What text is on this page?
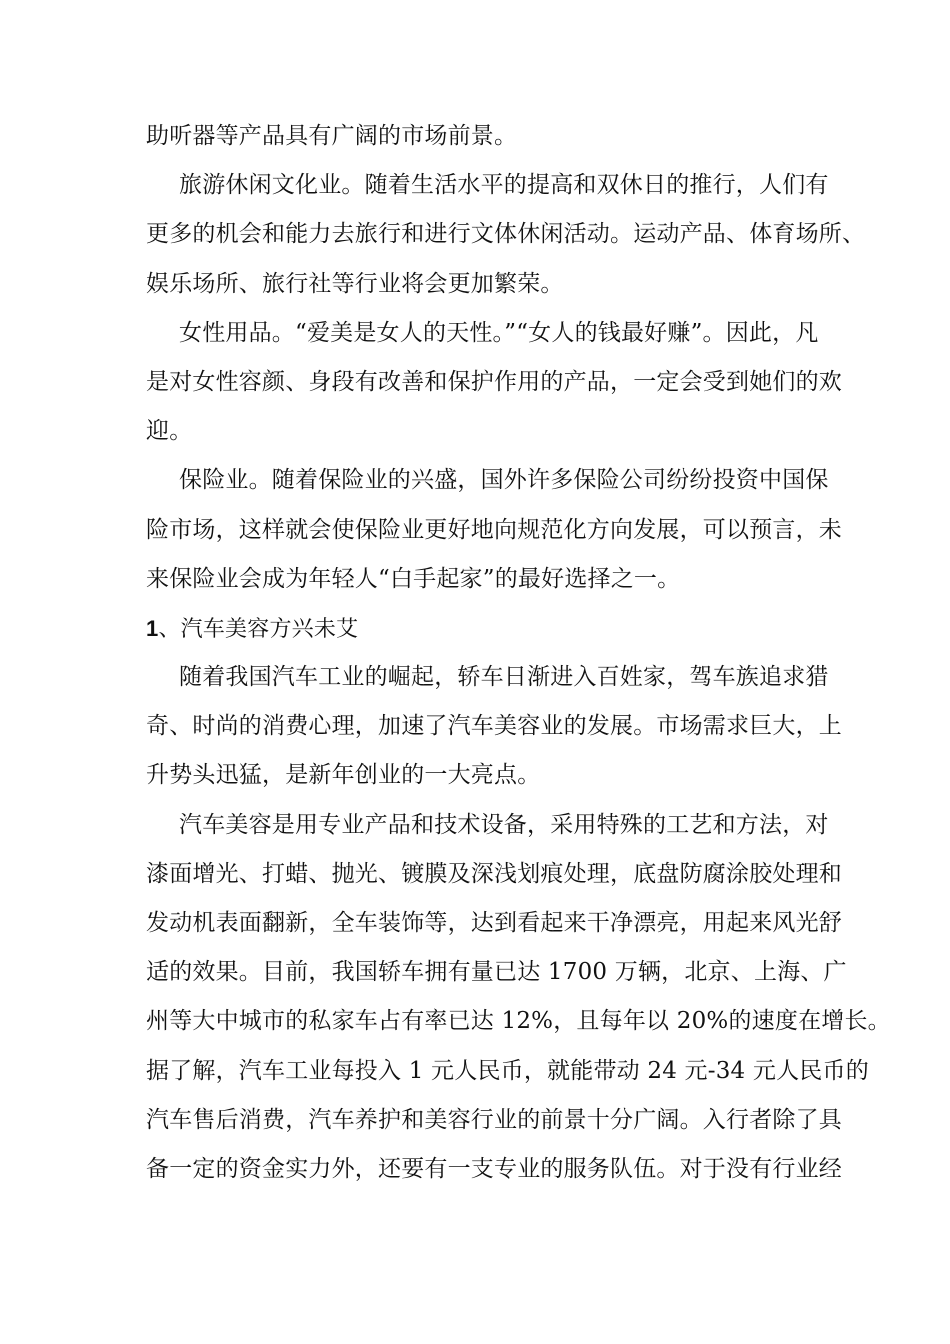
助听器等产品具有广阔的市场前景。
旅游休闲文化业。随着生活水平的提高和双休日的推行，人们有
更多的机会和能力去旅行和进行文体休闲活动。运动产品、体育场所、
娱乐场所、旅行社等行业将会更加繁荣。
女性用品。“爱美是女人的天性。”“女人的钱最好赚”。因此，凡
是对女性容颜、身段有改善和保护作用的产品，一定会受到她们的欢
迎。
保险业。随着保险业的兴盛，国外许多保险公司纷纷投资中国保
险市场，这样就会使保险业更好地向规范化方向发展，可以预言，未
来保险业会成为年轻人“白手起家”的最好选择之一。
1、汽车美容方兴未艾
随着我国汽车工业的崛起，轿车日渐进入百姓家，驾车族追求猎
奇、时尚的消费心理，加速了汽车美容业的发展。市场需求巨大，上
升势头迅猛，是新年创业的一大亮点。
汽车美容是用专业产品和技术设备，采用特殊的工艺和方法，对
漆面增光、打蜡、抛光、镀膜及深浅划痕处理，底盘防腐涂胶处理和
发动机表面翻新，全车装饰等，达到看起来干净漂亮，用起来风光舒
适的效果。目前，我国轿车拥有量已达 1700 万辆，北京、上海、广
州等大中城市的私家车占有率已达 12%，且每年以 20%的速度在增长。
据了解，汽车工业每投入 1 元人民币，就能带动 24 元-34 元人民币的
汽车售后消费，汽车养护和美容行业的前景十分广阔。入行者除了具
备一定的资金实力外，还要有一支专业的服务队伍。对于没有行业经
